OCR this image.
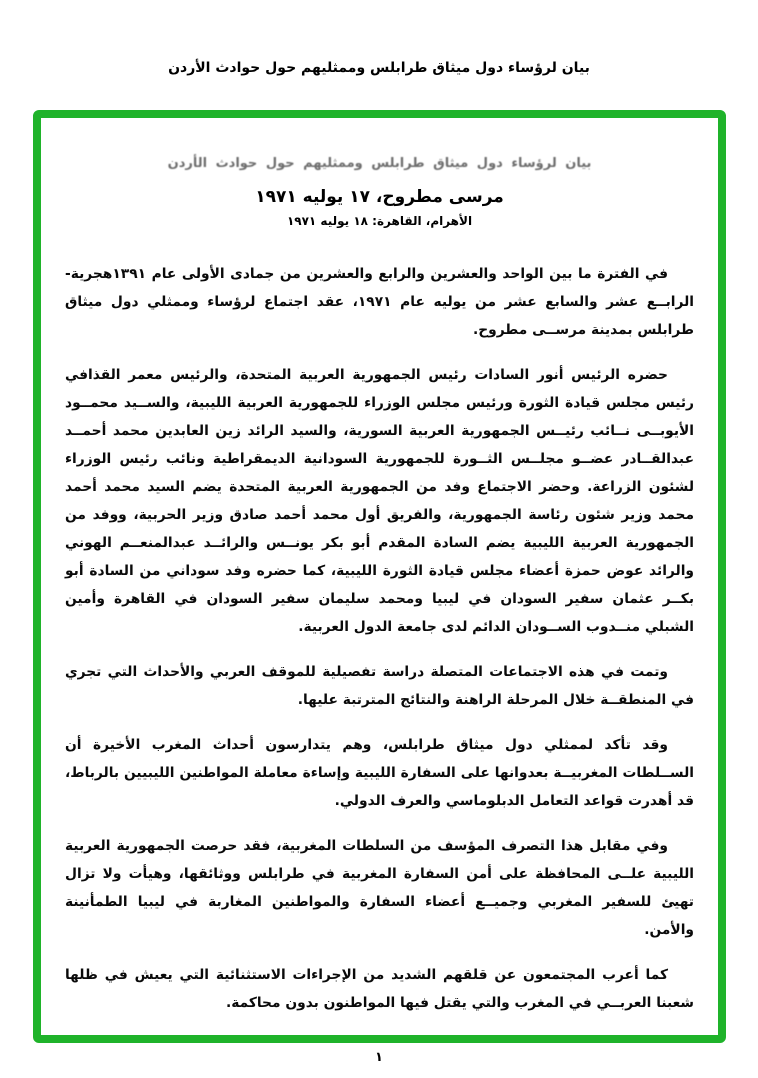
بيان لرؤساء دول ميثاق طرابلس وممثليهم حول حوادث الأردن
بيان لرؤساء دول ميثاق طرابلس وممثليهم حول حوادث الأردن
مرسى مطروح، ١٧ يوليه ١٩٧١
الأهرام، القاهرة: ١٨ يوليه ١٩٧١

في الفترة ما بين الواحد والعشرين والرابع والعشرين من جمادى الأولى عام ١٣٩١هجرية- الرابــع عشر والسابع عشر من يوليه عام ١٩٧١، عقد اجتماع لرؤساء وممثلي دول ميثاق طرابلس بمدينة مرســى مطروح.

حضره الرئيس أنور السادات رئيس الجمهورية العربية المتحدة، والرئيس معمر القذافي رئيس مجلس قيادة الثورة ورئيس مجلس الوزراء للجمهورية العربية الليبية، والســيد محمــود الأيوبــى نــائب رئيــس الجمهورية العربية السورية، والسيد الرائد زين العابدين محمد أحمــد عبدالقــادر عضــو مجلــس الثــورة للجمهورية السودانية الديمقراطية ونائب رئيس الوزراء لشئون الزراعة. وحضر الاجتماع وفد من الجمهورية العربية المتحدة يضم السيد محمد أحمد محمد وزير شئون رئاسة الجمهورية، والفريق أول محمد أحمد صادق وزير الحربية، ووفد من الجمهورية العربية الليبية يضم السادة المقدم أبو بكر يونــس والرائــد عبدالمنعــم الهوني والرائد عوض حمزة أعضاء مجلس قيادة الثورة الليبية، كما حضره وفد سوداني من السادة أبو بكــر عثمان سفير السودان في ليبيا ومحمد سليمان سفير السودان في القاهرة وأمين الشبلي منــدوب الســودان الدائم لدى جامعة الدول العربية.

وتمت في هذه الاجتماعات المتصلة دراسة تفصيلية للموقف العربي والأحداث التي تجري في المنطقــة خلال المرحلة الراهنة والنتائج المترتبة عليها.

وقد تأكد لممثلي دول ميثاق طرابلس، وهم يتدارسون أحداث المغرب الأخيرة أن الســلطات المغربيــة بعدوانها على السفارة الليبية وإساءة معاملة المواطنين الليبيين بالرباط، قد أهدرت قواعد التعامل الدبلوماسي والعرف الدولي.

وفي مقابل هذا التصرف المؤسف من السلطات المغربية، فقد حرصت الجمهورية العربية الليبية علــى المحافظة على أمن السفارة المغربية في طرابلس ووثائقها، وهيأت ولا تزال تهيئ للسفير المغربي وجميــع أعضاء السفارة والمواطنين المغاربة في ليبيا الطمأنينة والأمن.

كما أعرب المجتمعون عن قلقهم الشديد من الإجراءات الاستثنائية التي يعيش في ظلها شعبنا العربــي في المغرب والتي يقتل فيها المواطنون بدون محاكمة.

١
